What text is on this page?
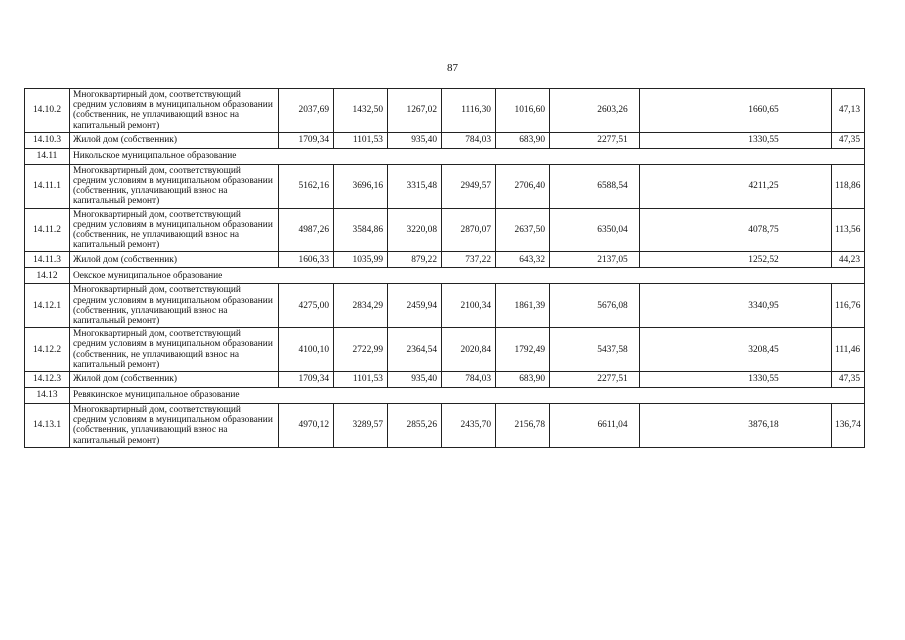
87
14.10.2	Многоквартирный дом, соответствующий средним условиям в муниципальном образовании (собственник, не уплачивающий взнос на капитальный ремонт)	2037,69	1432,50	1267,02	1116,30	1016,60	2603,26	1660,65	47,13
14.10.3	Жилой дом (собственник)	1709,34	1101,53	935,40	784,03	683,90	2277,51	1330,55	47,35
14.11	Никольское муниципальное образование								
14.11.1	Многоквартирный дом, соответствующий средним условиям в муниципальном образовании (собственник, уплачивающий взнос на капитальный ремонт)	5162,16	3696,16	3315,48	2949,57	2706,40	6588,54	4211,25	118,86
14.11.2	Многоквартирный дом, соответствующий средним условиям в муниципальном образовании (собственник, не уплачивающий взнос на капитальный ремонт)	4987,26	3584,86	3220,08	2870,07	2637,50	6350,04	4078,75	113,56
14.11.3	Жилой дом (собственник)	1606,33	1035,99	879,22	737,22	643,32	2137,05	1252,52	44,23
14.12	Оекское муниципальное образование								
14.12.1	Многоквартирный дом, соответствующий средним условиям в муниципальном образовании (собственник, уплачивающий взнос на капитальный ремонт)	4275,00	2834,29	2459,94	2100,34	1861,39	5676,08	3340,95	116,76
14.12.2	Многоквартирный дом, соответствующий средним условиям в муниципальном образовании (собственник, не уплачивающий взнос на капитальный ремонт)	4100,10	2722,99	2364,54	2020,84	1792,49	5437,58	3208,45	111,46
14.12.3	Жилой дом (собственник)	1709,34	1101,53	935,40	784,03	683,90	2277,51	1330,55	47,35
14.13	Ревякинское муниципальное образование								
14.13.1	Многоквартирный дом, соответствующий средним условиям в муниципальном образовании (собственник, уплачивающий взнос на капитальный ремонт)	4970,12	3289,57	2855,26	2435,70	2156,78	6611,04	3876,18	136,74
